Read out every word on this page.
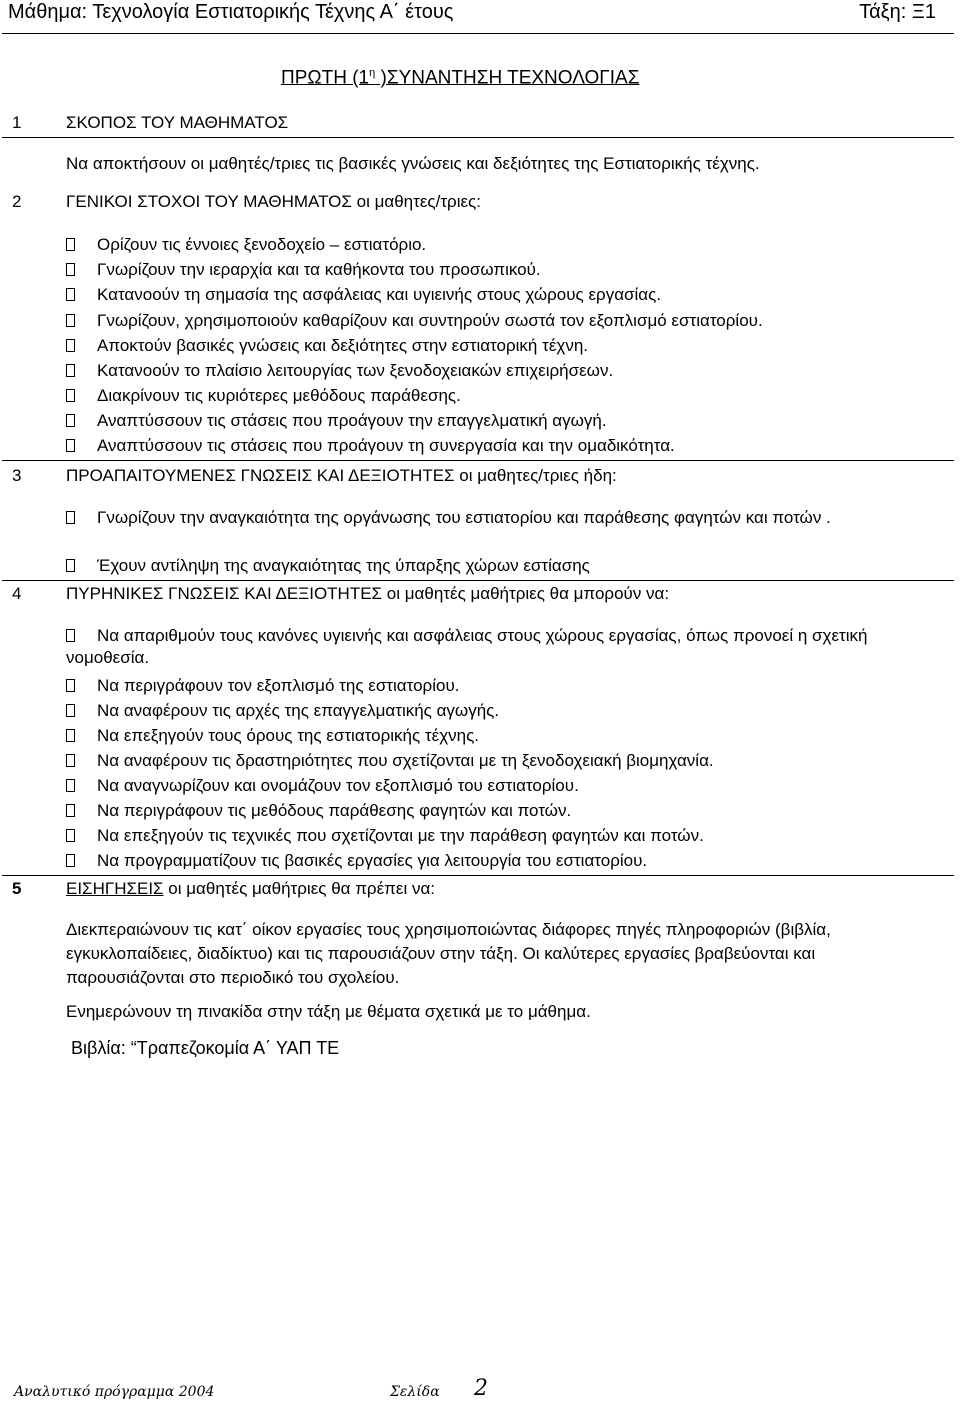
Μάθημα: Τεχνολογία Εστιατορικής Τέχνης Α΄ έτους	Τάξη: Ξ1
ΠΡΩΤΗ ($1^\eta$ )ΣΥΝΑΝΤΗΣΗ ΤΕΧΝΟΛΟΓΙΑΣ
1	ΣΚΟΠΟΣ ΤΟΥ ΜΑΘΗΜΑΤΟΣ
Να αποκτήσουν οι μαθητές/τριες τις βασικές γνώσεις και δεξιότητες της Εστιατορικής τέχνης.
2	ΓΕΝΙΚΟΙ ΣΤΟΧΟΙ ΤΟΥ ΜΑΘΗΜΑΤΟΣ οι μαθητες/τριες:
Ορίζουν τις έννοιες ξενοδοχείο – εστιατόριο.
Γνωρίζουν την ιεραρχία και τα καθήκοντα του προσωπικού.
Κατανοούν τη σημασία της ασφάλειας και υγιεινής στους χώρους εργασίας.
Γνωρίζουν, χρησιμοποιούν καθαρίζουν και συντηρούν σωστά τον εξοπλισμό εστιατορίου.
Αποκτούν βασικές γνώσεις και δεξιότητες στην εστιατορική τέχνη.
Κατανοούν το πλαίσιο λειτουργίας των ξενοδοχειακών επιχειρήσεων.
Διακρίνουν τις κυριότερες μεθόδους παράθεσης.
Αναπτύσσουν τις στάσεις που προάγουν την επαγγελματική αγωγή.
Αναπτύσσουν τις στάσεις που προάγουν τη συνεργασία και την ομαδικότητα.
3	ΠΡΟΑΠΑΙΤΟΥΜΕΝΕΣ ΓΝΩΣΕΙΣ ΚΑΙ ΔΕΞΙΟΤΗΤΕΣ οι μαθητες/τριες ήδη:
Γνωρίζουν την αναγκαιότητα της οργάνωσης του εστιατορίου και παράθεσης φαγητών και ποτών .
Έχουν αντίληψη της αναγκαιότητας της ύπαρξης χώρων εστίασης
4	ΠΥΡΗΝΙΚΕΣ ΓΝΩΣΕΙΣ ΚΑΙ ΔΕΞΙΟΤΗΤΕΣ οι μαθητές μαθήτριες θα μπορούν να:
Να απαριθμούν τους κανόνες υγιεινής και ασφάλειας στους χώρους εργασίας, όπως προνοεί η σχετική νομοθεσία.
Να περιγράφουν τον εξοπλισμό της εστιατορίου.
Να αναφέρουν τις αρχές της επαγγελματικής αγωγής.
Να επεξηγούν τους όρους της εστιατορικής τέχνης.
Να αναφέρουν τις δραστηριότητες που σχετίζονται με τη ξενοδοχειακή βιομηχανία.
Να αναγνωρίζουν και ονομάζουν τον εξοπλισμό του εστιατορίου.
Να περιγράφουν τις μεθόδους παράθεσης φαγητών και ποτών.
Να επεξηγούν τις τεχνικές που σχετίζονται με την παράθεση φαγητών και ποτών.
Να προγραμματίζουν τις βασικές εργασίες για λειτουργία του εστιατορίου.
5	ΕΙΣΗΓΗΣΕΙΣ οι μαθητές μαθήτριες θα πρέπει να:
Διεκπεραιώνουν τις κατ΄ οίκον εργασίες τους χρησιμοποιώντας διάφορες πηγές πληροφοριών (βιβλία, εγκυκλοπαίδειες, διαδίκτυο) και τις παρουσιάζουν στην τάξη. Οι καλύτερες εργασίες βραβεύονται και παρουσιάζονται στο περιοδικό του σχολείου.
Ενημερώνουν τη πινακίδα στην τάξη με θέματα σχετικά με το μάθημα.
Βιβλία: “Τραπεζοκομία Α΄ ΥΑΠ ΤΕ
Αναλυτικό πρόγραμμα 2004	Σελίδα 2
